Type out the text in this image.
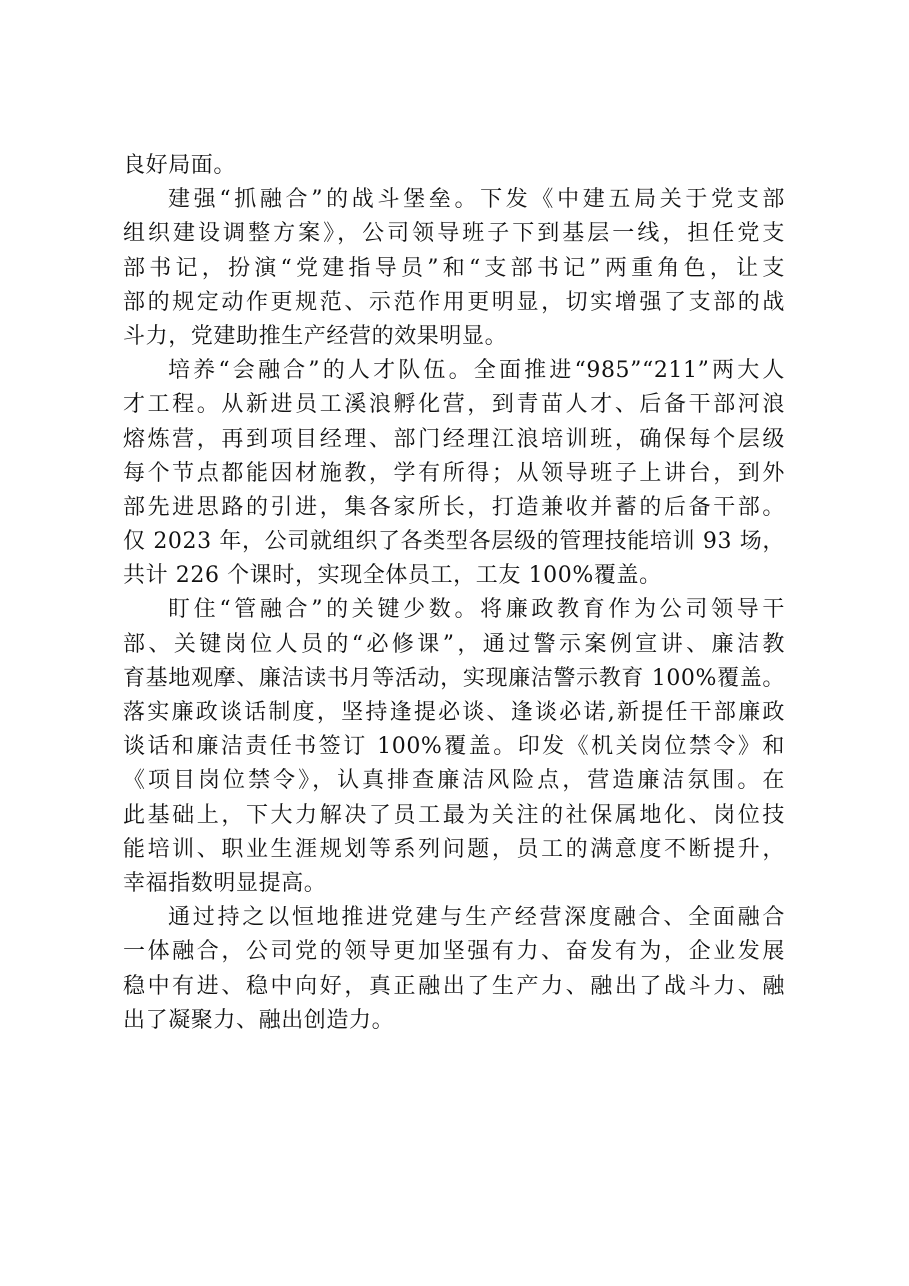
良好局面。
建强“抓融合”的战斗堡垒。下发《中建五局关于党支部
组织建设调整方案》，公司领导班子下到基层一线，担任党支
部书记，扮演“党建指导员”和“支部书记”两重角色，让支
部的规定动作更规范、示范作用更明显，切实增强了支部的战
斗力，党建助推生产经营的效果明显。
培养“会融合”的人才队伍。全面推进“985”“211”两大人
才工程。从新进员工溪浪孵化营，到青苗人才、后备干部河浪
熔炼营，再到项目经理、部门经理江浪培训班，确保每个层级
每个节点都能因材施教，学有所得；从领导班子上讲台，到外
部先进思路的引进，集各家所长，打造兼收并蓄的后备干部。
仅 2023 年，公司就组织了各类型各层级的管理技能培训 93 场，
共计 226 个课时，实现全体员工，工友 100%覆盖。
盯住“管融合”的关键少数。将廉政教育作为公司领导干
部、关键岗位人员的“必修课”，通过警示案例宣讲、廉洁教
育基地观摩、廉洁读书月等活动，实现廉洁警示教育 100%覆盖。
落实廉政谈话制度，坚持逢提必谈、逢谈必诺,新提任干部廉政
谈话和廉洁责任书签订 100%覆盖。印发《机关岗位禁令》和
《项目岗位禁令》，认真排查廉洁风险点，营造廉洁氛围。在
此基础上，下大力解决了员工最为关注的社保属地化、岗位技
能培训、职业生涯规划等系列问题，员工的满意度不断提升，
幸福指数明显提高。
通过持之以恒地推进党建与生产经营深度融合、全面融合
一体融合，公司党的领导更加坚强有力、奋发有为，企业发展
稳中有进、稳中向好，真正融出了生产力、融出了战斗力、融
出了凝聚力、融出创造力。
